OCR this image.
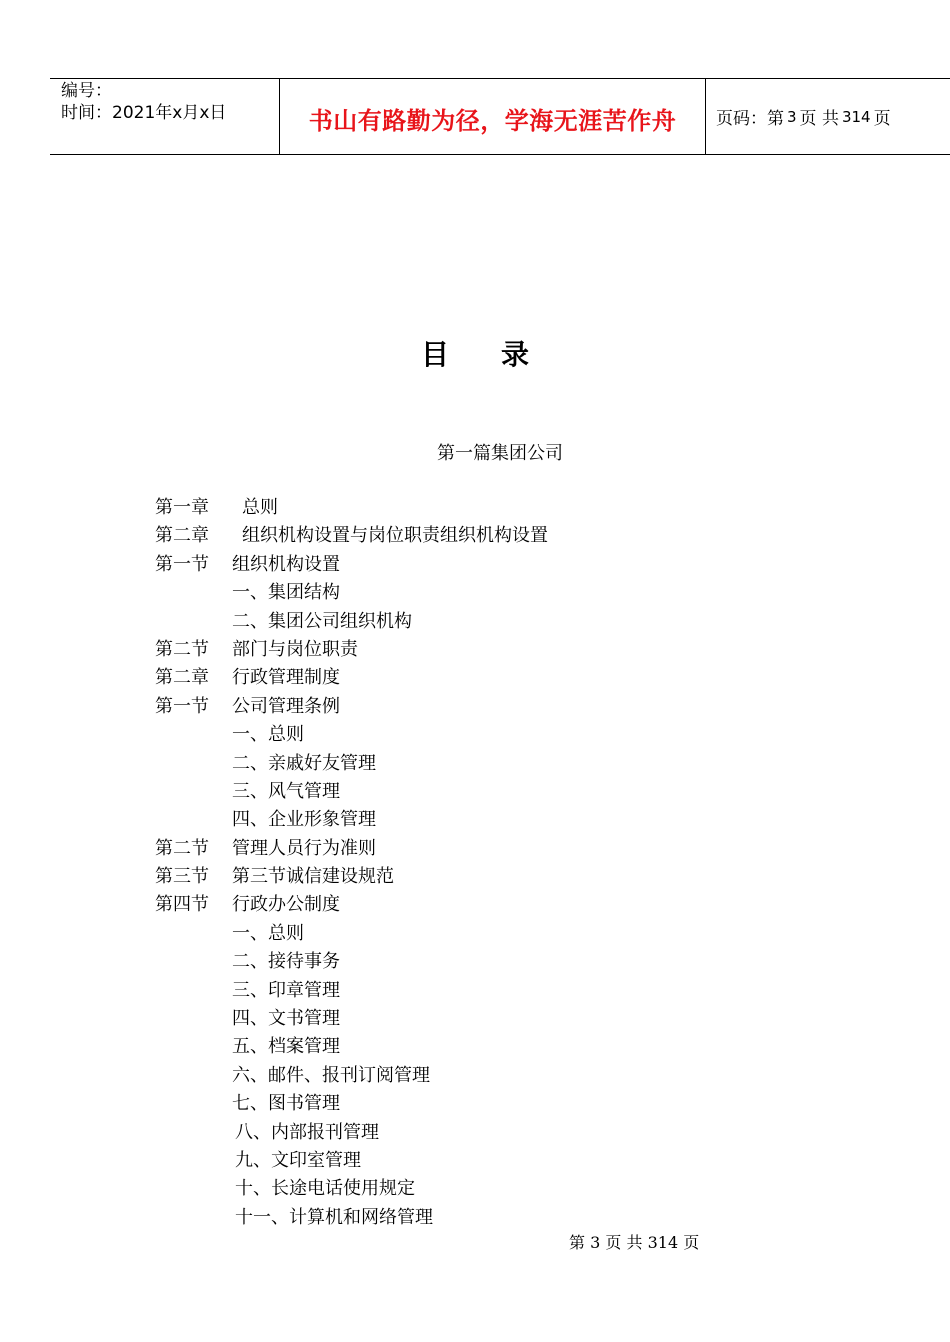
编号：
时间：2021年x月x日	书山有路勤为径，学海无涯苦作舟 页码：第 3 页 共 314 页
目录
第一篇集团公司
第一章 总则
第二章 组织机构设置与岗位职责组织机构设置
第一节 组织机构设置
一、集团结构
二、集团公司组织机构
第二节 部门与岗位职责
第二章 行政管理制度
第一节 公司管理条例
一、总则
二、亲戚好友管理
三、风气管理
四、企业形象管理
第二节 管理人员行为准则
第三节 第三节诚信建设规范
第四节 行政办公制度
一、总则
二、接待事务
三、印章管理
四、文书管理
五、档案管理
六、邮件、报刊订阅管理
七、图书管理
八、内部报刊管理
九、文印室管理
十、长途电话使用规定
十一、计算机和网络管理
第 3 页 共 314 页
